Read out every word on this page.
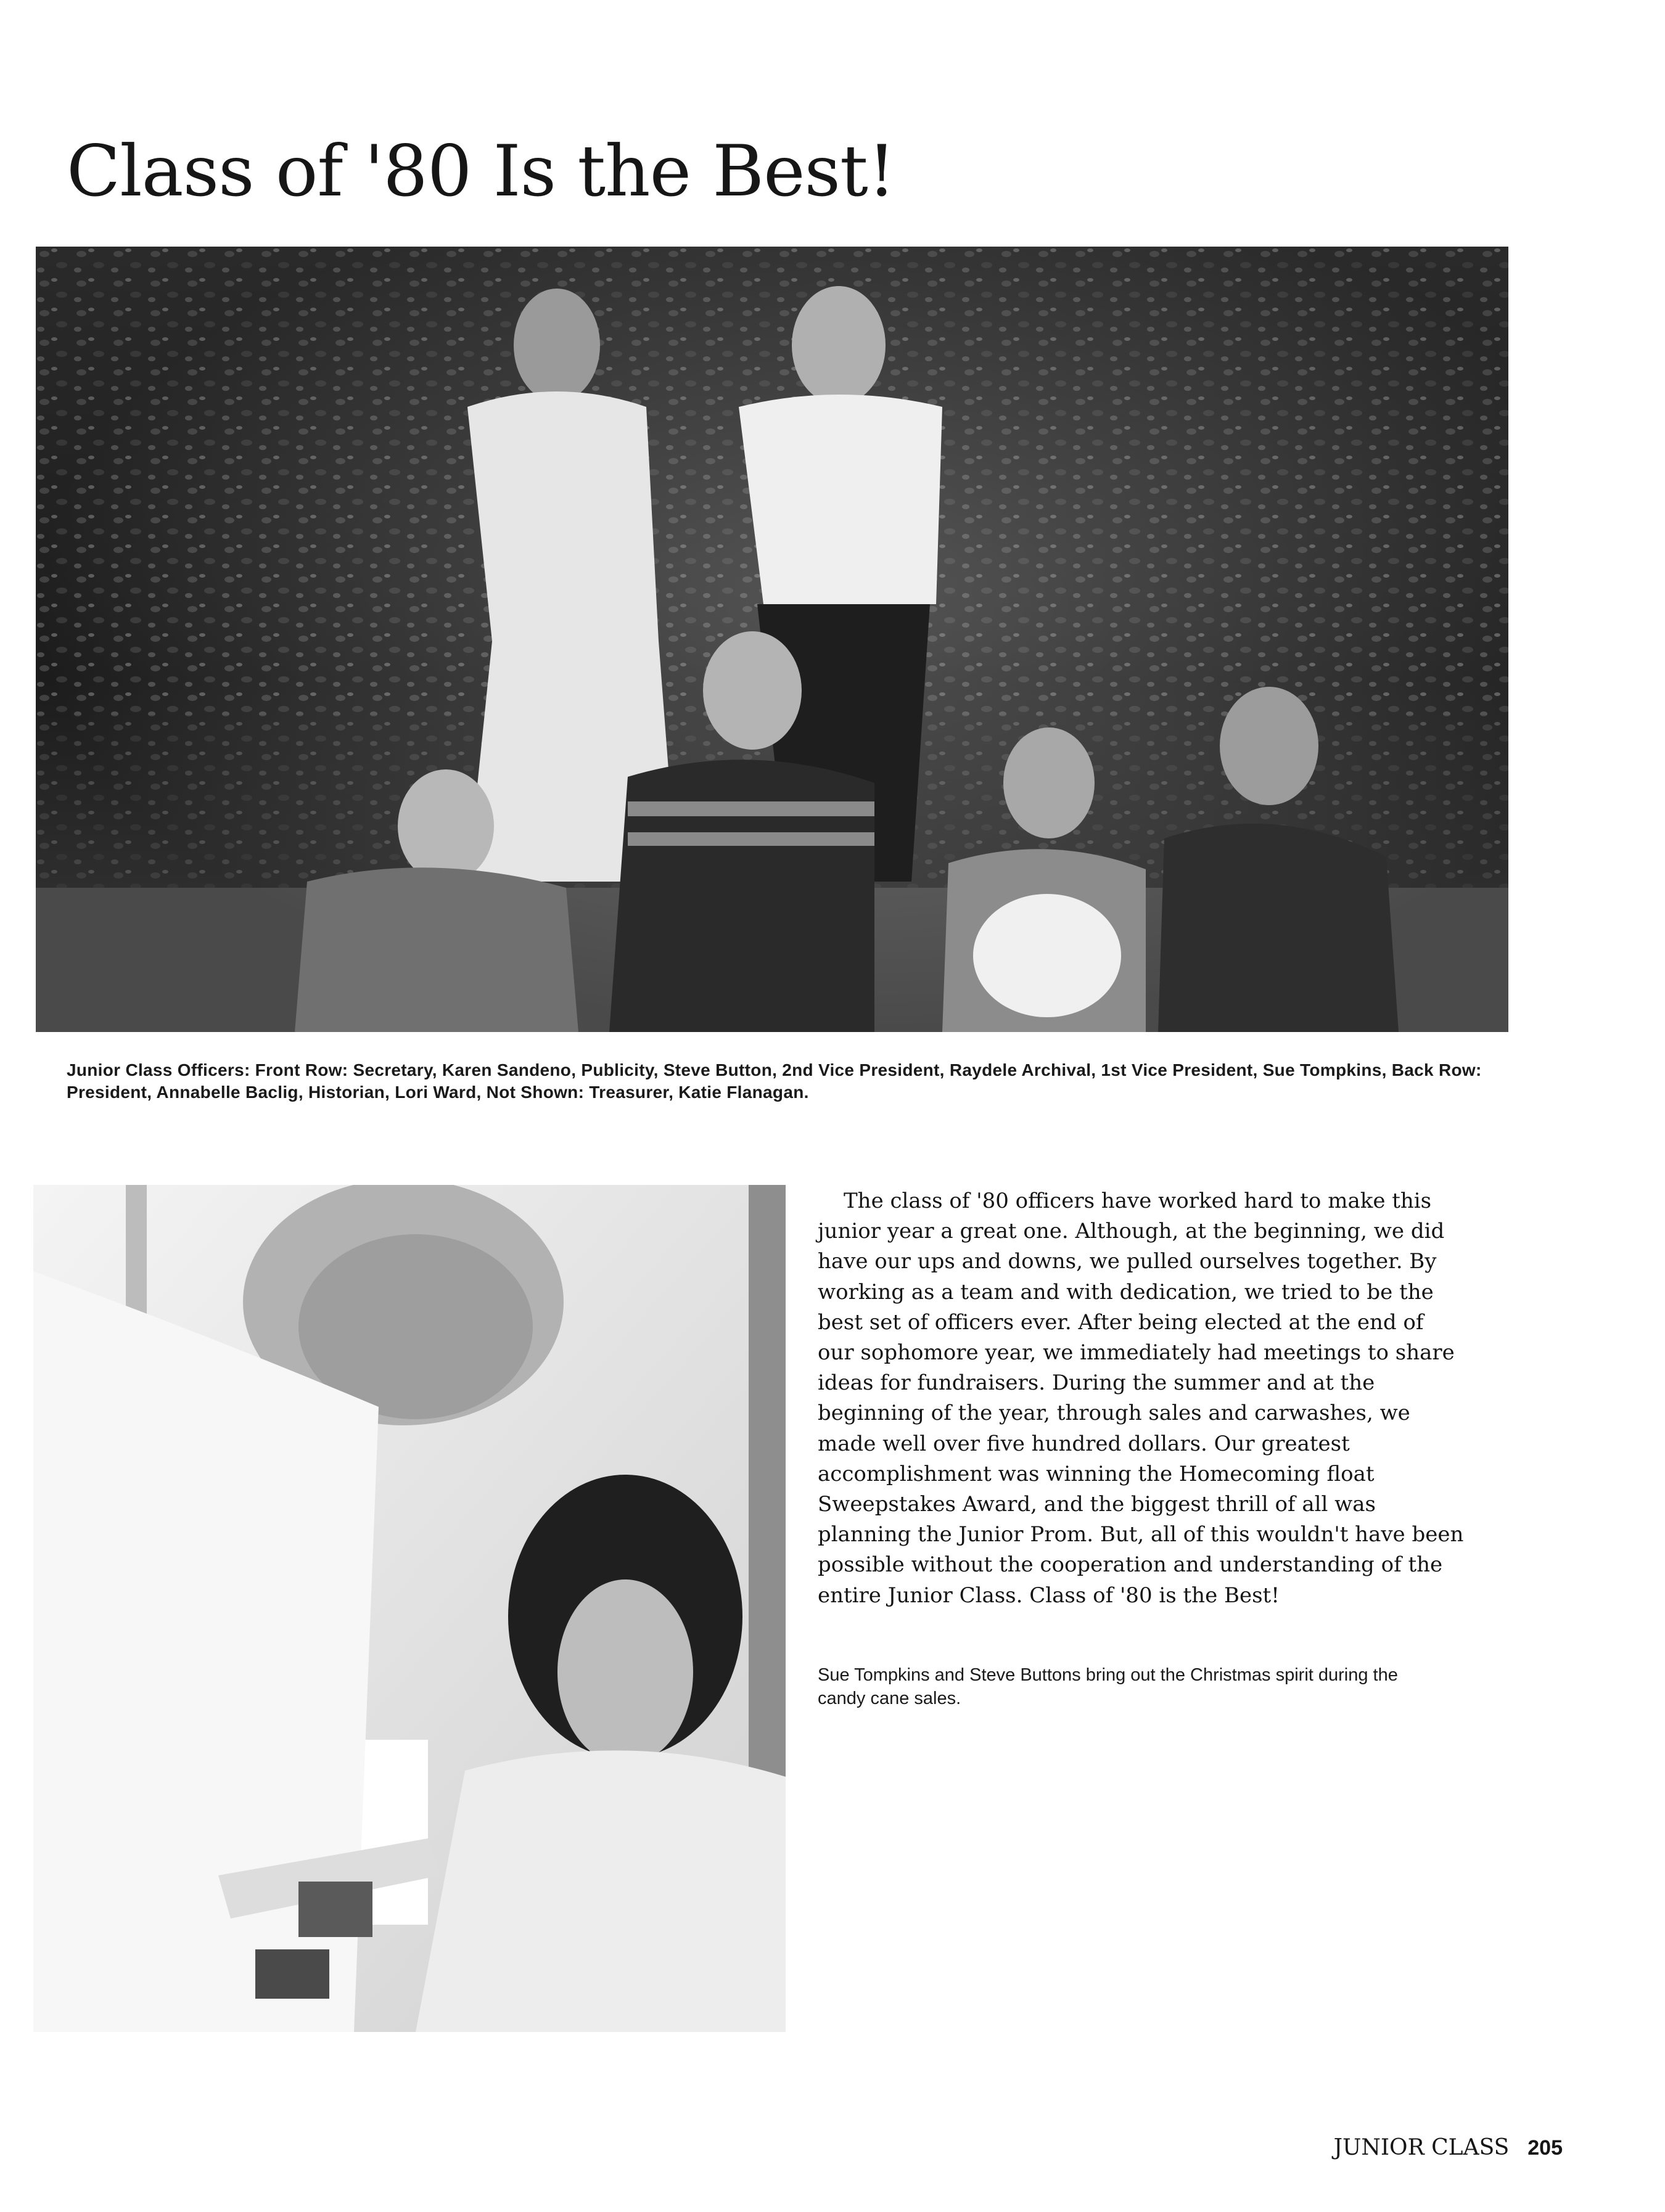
Class of '80 Is the Best!

Junior Class Officers: Front Row: Secretary, Karen Sandeno, Publicity, Steve Button, 2nd Vice President, Raydele Archival, 1st Vice President, Sue Tompkins, Back Row: President, Annabelle Baclig, Historian, Lori Ward, Not Shown: Treasurer, Katie Flanagan.

The class of '80 officers have worked hard to make this junior year a great one. Although, at the beginning, we did have our ups and downs, we pulled ourselves together. By working as a team and with dedication, we tried to be the best set of officers ever. After being elected at the end of our sophomore year, we immediately had meetings to share ideas for fundraisers. During the summer and at the beginning of the year, through sales and carwashes, we made well over five hundred dollars. Our greatest accomplishment was winning the Homecoming float Sweepstakes Award, and the biggest thrill of all was planning the Junior Prom. But, all of this wouldn't have been possible without the cooperation and understanding of the entire Junior Class. Class of '80 is the Best!

Sue Tompkins and Steve Buttons bring out the Christmas spirit during the candy cane sales.

JUNIOR CLASS 205
